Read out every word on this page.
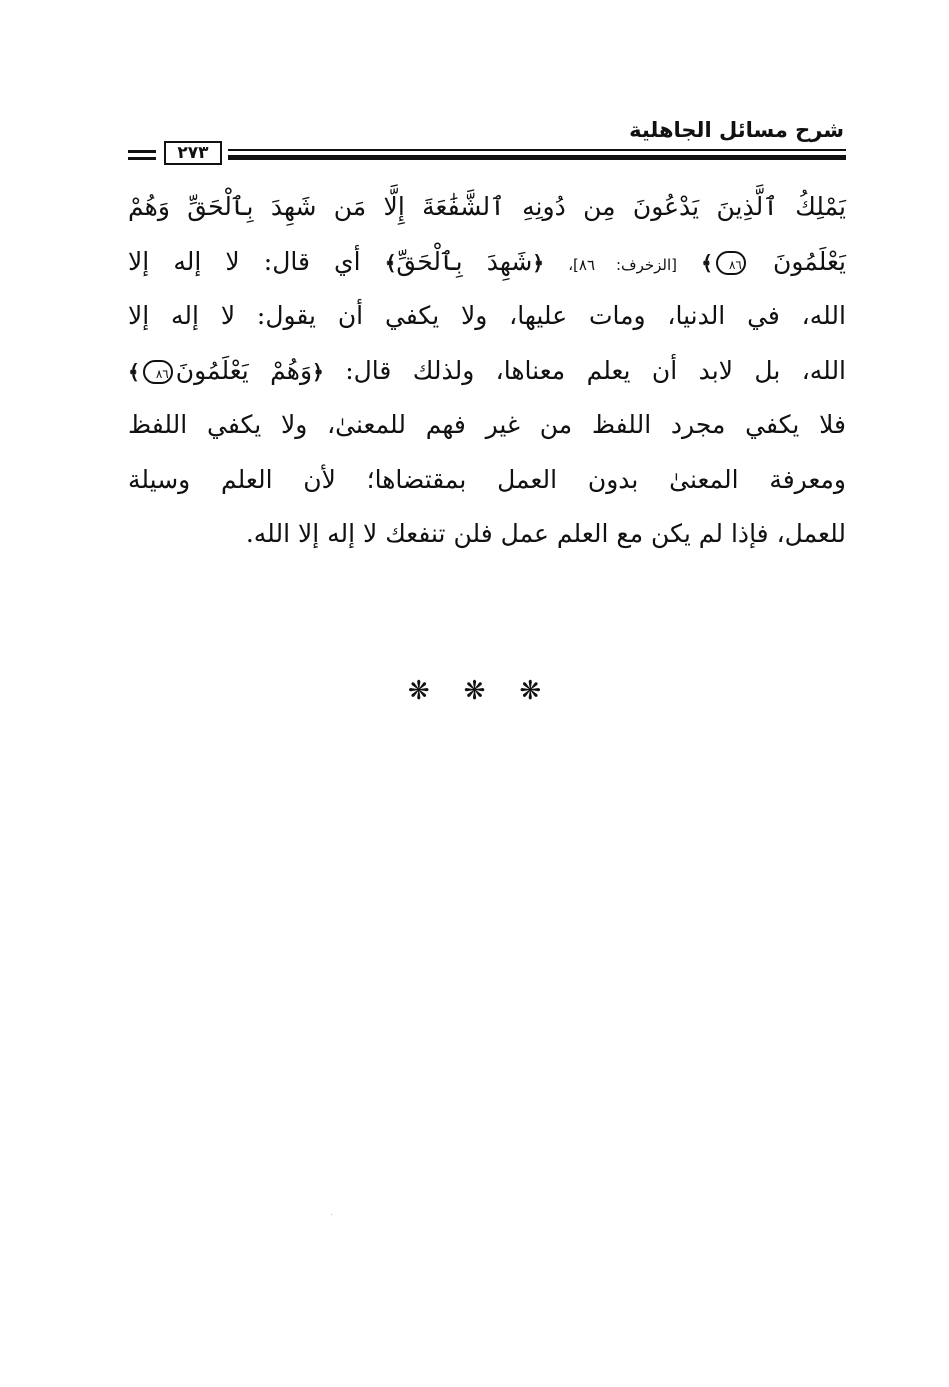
شرح مسائل الجاهلية
٢٧٣
يَمْلِكُ ٱلَّذِينَ يَدْعُونَ مِن دُونِهِ ٱلشَّفَٰعَةَ إِلَّا مَن شَهِدَ بِٱلْحَقِّ وَهُمْ
يَعْلَمُونَ ٨٦﴾ [الزخرف: ٨٦]، ﴿شَهِدَ بِٱلْحَقِّ﴾ أي قال: لا إله إلا
الله، في الدنيا، ومات عليها، ولا يكفي أن يقول: لا إله إلا
الله، بل لابد أن يعلم معناها، ولذلك قال: ﴿وَهُمْ يَعْلَمُونَ٨٦﴾
فلا يكفي مجرد اللفظ من غير فهم للمعنىٰ، ولا يكفي اللفظ
ومعرفة المعنىٰ بدون العمل بمقتضاها؛ لأن العلم وسيلة
للعمل، فإذا لم يكن مع العلم عمل فلن تنفعك لا إله إلا الله.
❋❋❋
